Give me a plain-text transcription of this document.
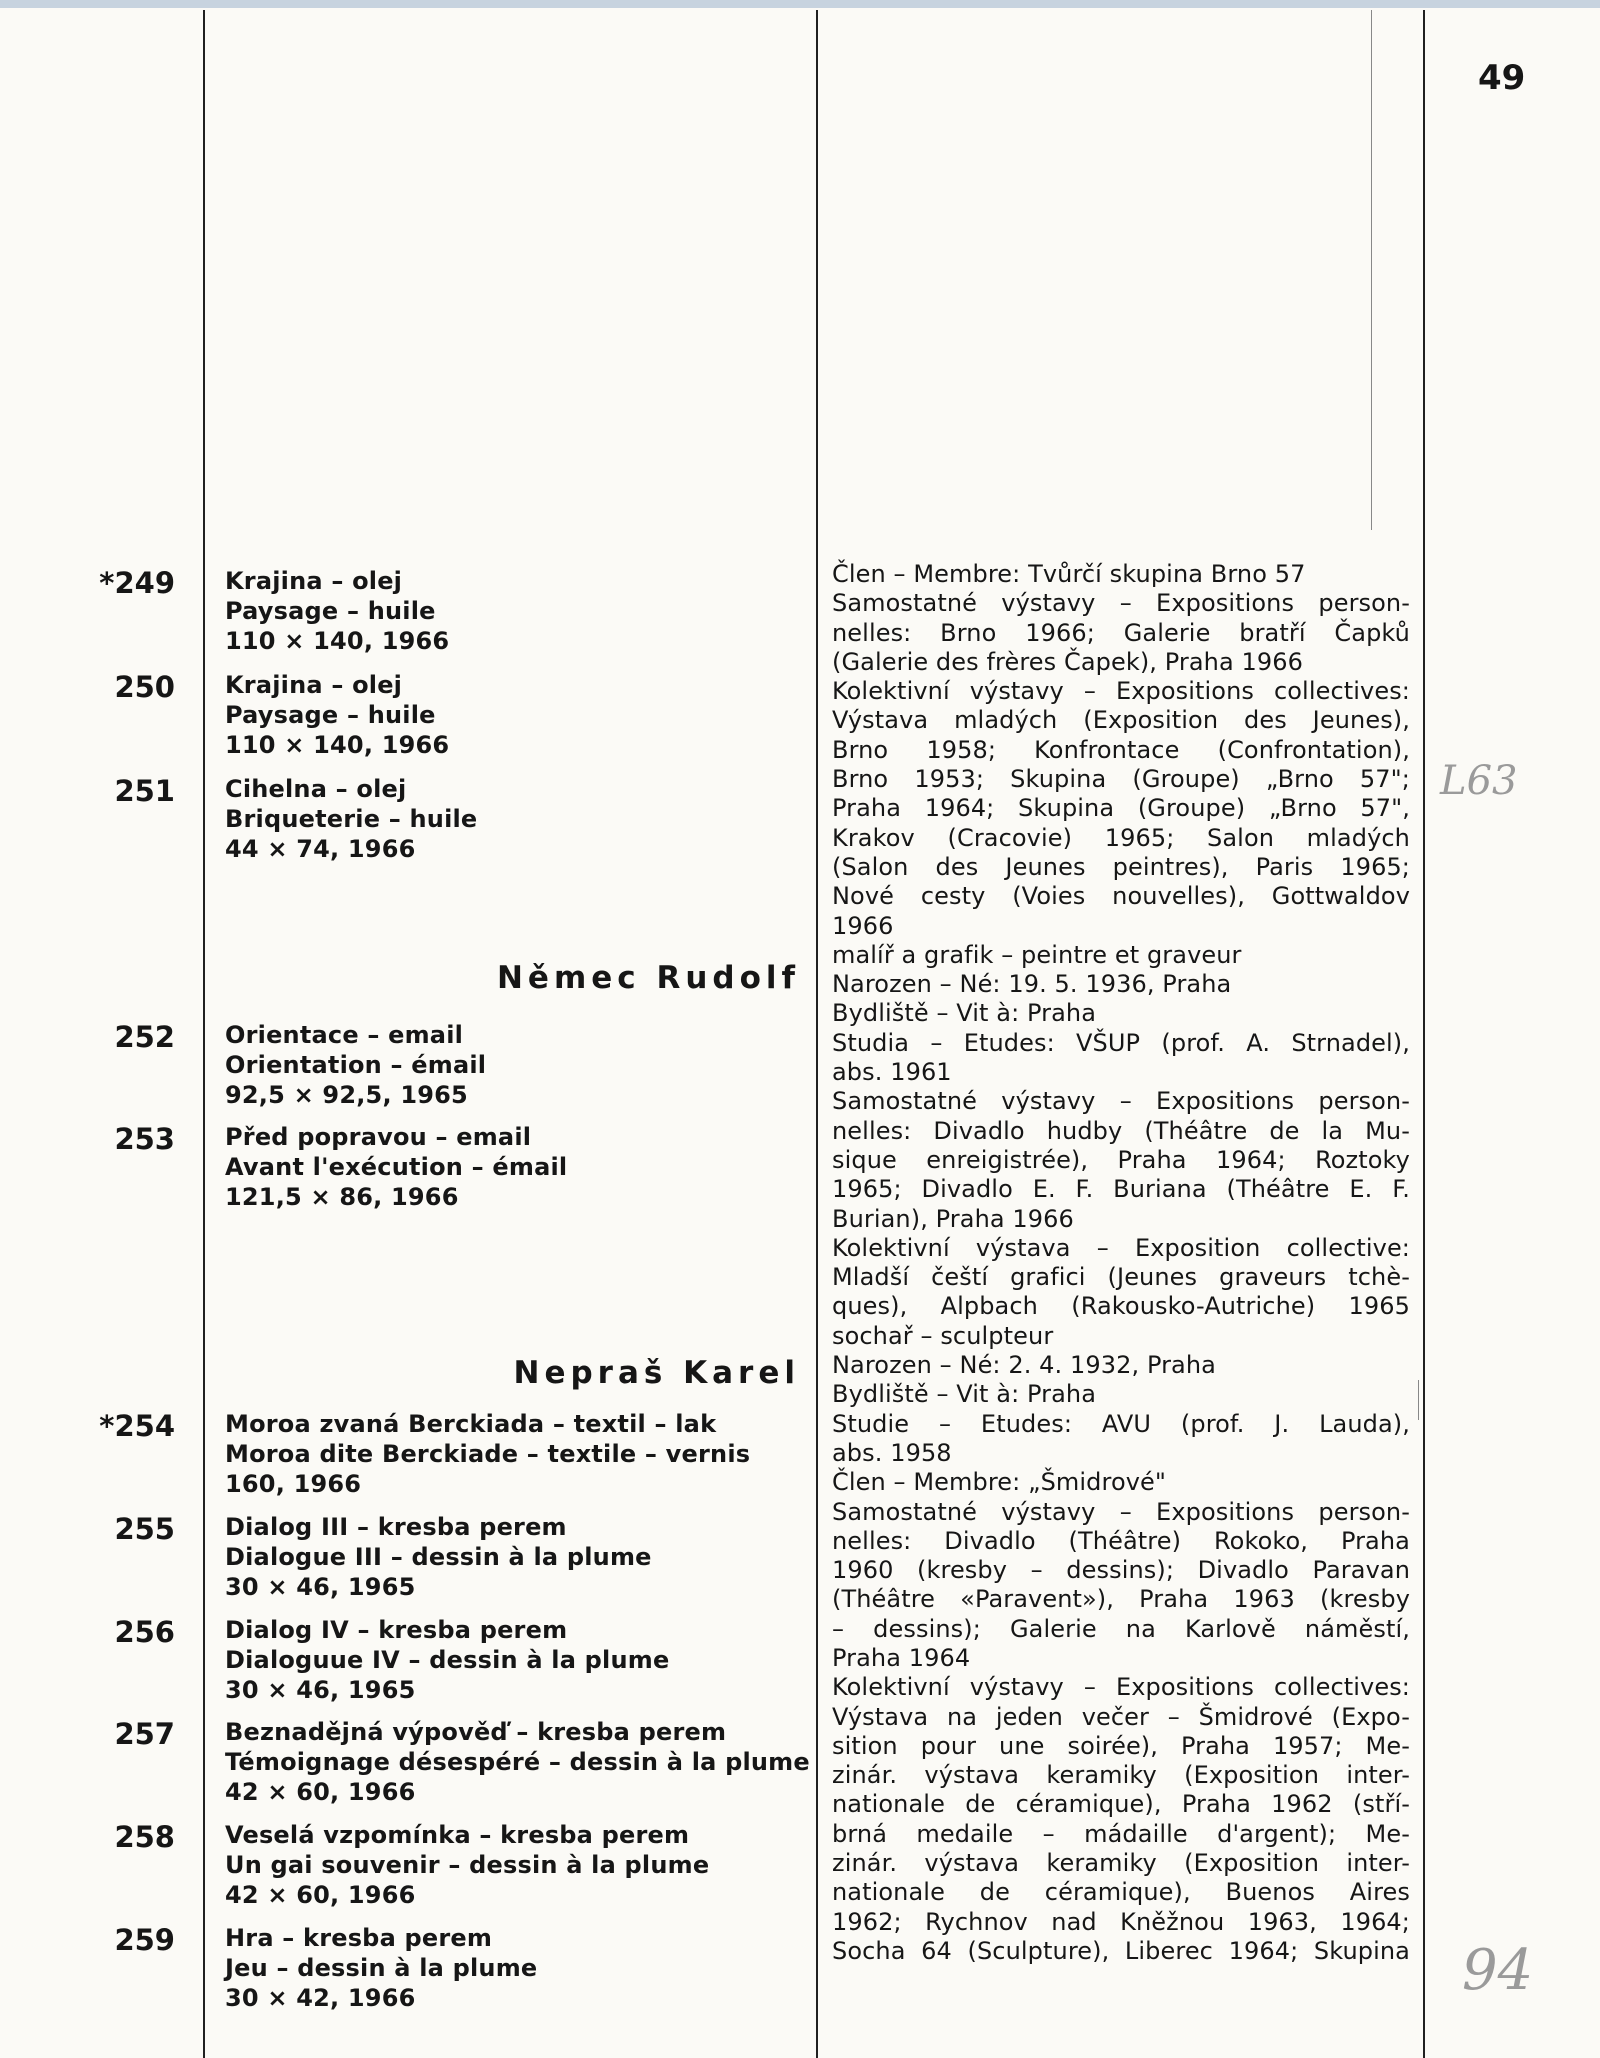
49
L63
94
*249 Krajina – olej
Paysage – huile
110 × 140, 1966
250 Krajina – olej
Paysage – huile
110 × 140, 1966
251 Cihelna – olej
Briqueterie – huile
44 × 74, 1966
Němec Rudolf
252 Orientace – email
Orientation – émail
92,5 × 92,5, 1965
253 Před popravou – email
Avant l'exécution – émail
121,5 × 86, 1966
Nepraš Karel
*254 Moroa zvaná Berckiada – textil – lak
Moroa dite Berckiade – textile – vernis
160, 1966
255 Dialog III – kresba perem
Dialogue III – dessin à la plume
30 × 46, 1965
256 Dialog IV – kresba perem
Dialoguue IV – dessin à la plume
30 × 46, 1965
257 Beznadějná výpověď – kresba perem
Témoignage désespéré – dessin à la plume
42 × 60, 1966
258 Veselá vzpomínka – kresba perem
Un gai souvenir – dessin à la plume
42 × 60, 1966
259 Hra – kresba perem
Jeu – dessin à la plume
30 × 42, 1966
Člen – Membre: Tvůrčí skupina Brno 57
Samostatné výstavy – Expositions person-
nelles: Brno 1966; Galerie bratří Čapků
(Galerie des frères Čapek), Praha 1966
Kolektivní výstavy – Expositions collectives:
Výstava mladých (Exposition des Jeunes),
Brno 1958; Konfrontace (Confrontation),
Brno 1953; Skupina (Groupe) „Brno 57";
Praha 1964; Skupina (Groupe) „Brno 57",
Krakov (Cracovie) 1965; Salon mladých
(Salon des Jeunes peintres), Paris 1965;
Nové cesty (Voies nouvelles), Gottwaldov
1966
malíř a grafik – peintre et graveur
Narozen – Né: 19. 5. 1936, Praha
Bydliště – Vit à: Praha
Studia – Etudes: VŠUP (prof. A. Strnadel),
abs. 1961
Samostatné výstavy – Expositions person-
nelles: Divadlo hudby (Théâtre de la Mu-
sique enreigistrée), Praha 1964; Roztoky
1965; Divadlo E. F. Buriana (Théâtre E. F.
Burian), Praha 1966
Kolektivní výstava – Exposition collective:
Mladší čeští grafici (Jeunes graveurs tchè-
ques), Alpbach (Rakousko-Autriche) 1965
sochař – sculpteur
Narozen – Né: 2. 4. 1932, Praha
Bydliště – Vit à: Praha
Studie – Etudes: AVU (prof. J. Lauda),
abs. 1958
Člen – Membre: „Šmidrové"
Samostatné výstavy – Expositions person-
nelles: Divadlo (Théâtre) Rokoko, Praha
1960 (kresby – dessins); Divadlo Paravan
(Théâtre «Paravent»), Praha 1963 (kresby
– dessins); Galerie na Karlově náměstí,
Praha 1964
Kolektivní výstavy – Expositions collectives:
Výstava na jeden večer – Šmidrové (Expo-
sition pour une soirée), Praha 1957; Me-
zinár. výstava keramiky (Exposition inter-
nationale de céramique), Praha 1962 (stří-
brná medaile – mádaille d'argent); Me-
zinár. výstava keramiky (Exposition inter-
nationale de céramique), Buenos Aires
1962; Rychnov nad Kněžnou 1963, 1964;
Socha 64 (Sculpture), Liberec 1964; Skupina
